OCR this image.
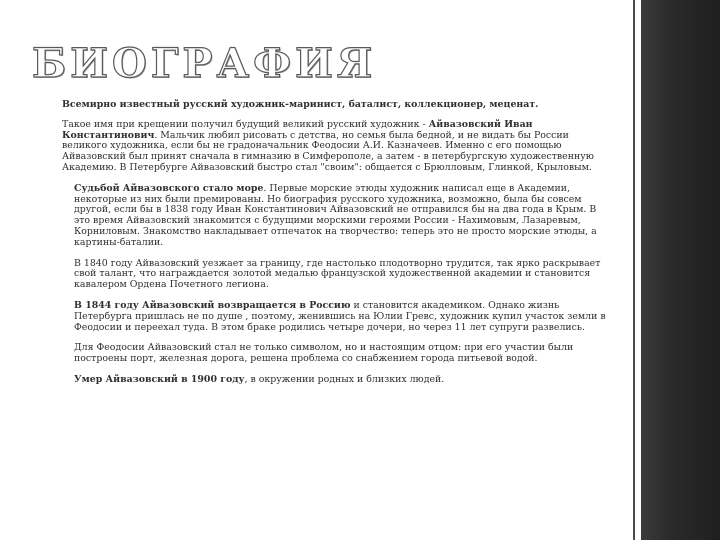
БИОГРАФИЯ

Всемирно известный русский художник-маринист, баталист, коллекционер, меценат.

Такое имя при крещении получил будущий великий русский художник - Айвазовский Иван Константинович. Мальчик любил рисовать с детства, но семья была бедной, и не видать бы России великого художника, если бы не градоначальник Феодосии А.И. Казначеев. Именно с его помощью Айвазовский был принят сначала в гимназию в Симферополе, а затем - в петербургскую художественную Академию. В Петербурге Айвазовский быстро стал "своим": общается с Брюлловым, Глинкой, Крыловым.

Судьбой Айвазовского стало море. Первые морские этюды художник написал еще в Академии, некоторые из них были премированы. Но биография русского художника, возможно, была бы совсем другой, если бы в 1838 году Иван Константинович Айвазовский не отправился бы на два года в Крым. В это время Айвазовский знакомится с будущими морскими героями России - Нахимовым, Лазаревым, Корниловым. Знакомство накладывает отпечаток на творчество: теперь это не просто морские этюды, а картины-баталии.

В 1840 году Айвазовский уезжает за границу, где настолько плодотворно трудится, так ярко раскрывает свой талант, что награждается золотой медалью французской художественной академии и становится кавалером Ордена Почетного легиона.

В 1844 году Айвазовский возвращается в Россию и становится академиком. Однако жизнь Петербурга пришлась не по душе , поэтому, женившись на Юлии Гревс, художник купил участок земли в Феодосии и переехал туда. В этом браке родились четыре дочери, но через 11 лет супруги развелись.

Для Феодосии Айвазовский стал не только символом, но и настоящим отцом: при его участии были построены порт, железная дорога, решена проблема со снабжением города питьевой водой.

Умер Айвазовский в 1900 году, в окружении родных и близких людей.
